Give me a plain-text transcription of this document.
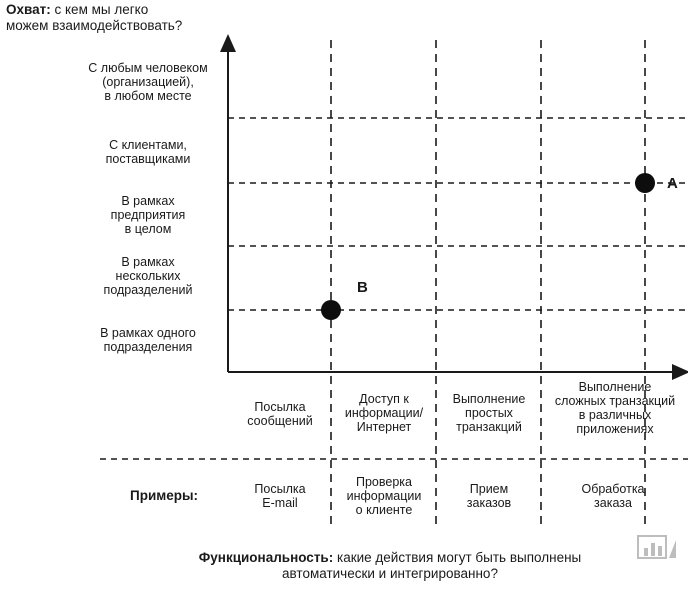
Охват: с кем мы легко
можем взаимодействовать?
A
B
С любым человеком
(организацией),
в любом месте
С клиентами,
поставщиками
В рамках
предприятия
в целом
В рамках
нескольких
подразделений
В рамках одного
подразделения
Посылка
сообщений
Доступ к
информации/
Интернет
Выполнение
простых
транзакций
Выполнение
сложных транзакций
в различных
приложениях
Примеры:	Посылка
E-mail
Проверка
информации
о клиенте
Прием
заказов
Обработка
заказа
Функциональность: какие действия могут быть выполнены
автоматически и интегрированно?
